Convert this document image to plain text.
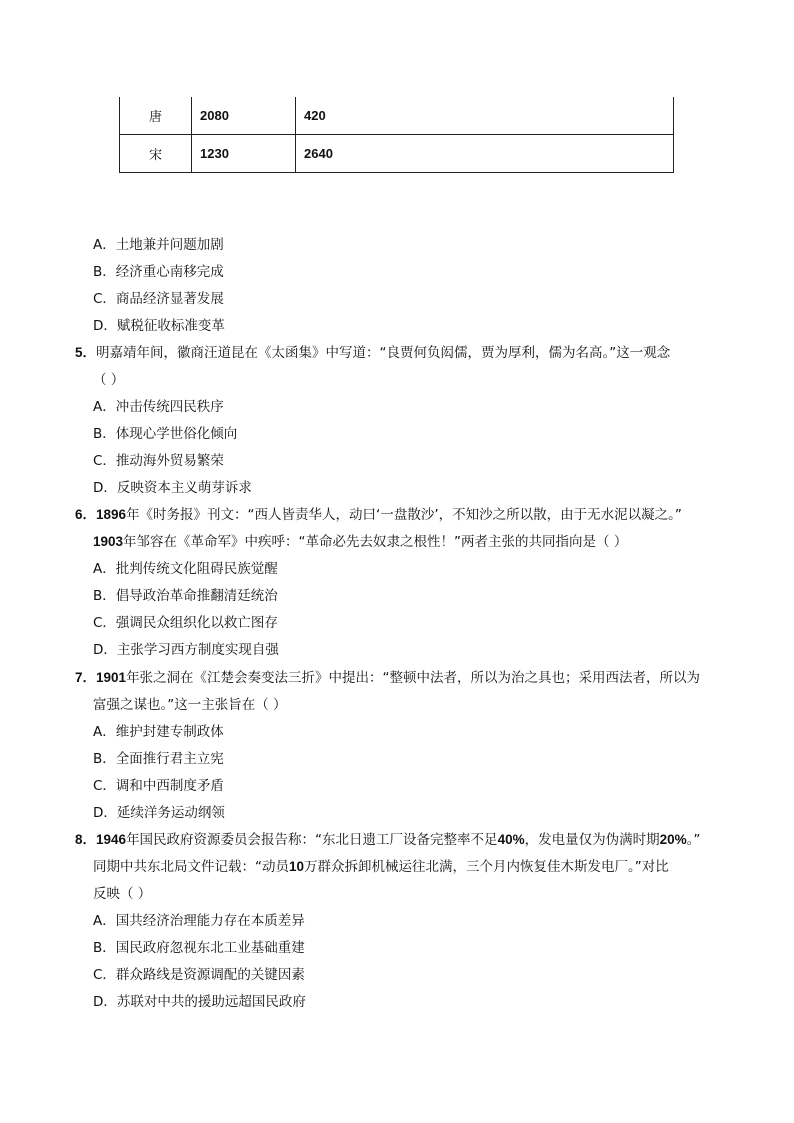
唐	2080	420
宋	1230	2640
A．土地兼并问题加剧
B．经济重心南移完成
C．商品经济显著发展
D．赋税征收标准变革
5．明嘉靖年间，徽商汪道昆在《太函集》中写道：“良贾何负闳儒，贾为厚利，儒为名高。”这一观念
（ ）
A．冲击传统四民秩序
B．体现心学世俗化倾向
C．推动海外贸易繁荣
D．反映资本主义萌芽诉求
6．1896年《时务报》刊文：“西人皆责华人，动曰‘一盘散沙’，不知沙之所以散，由于无水泥以凝之。”
1903年邹容在《革命军》中疾呼：“革命必先去奴隶之根性！”两者主张的共同指向是（ ）
A．批判传统文化阻碍民族觉醒
B．倡导政治革命推翻清廷统治
C．强调民众组织化以救亡图存
D．主张学习西方制度实现自强
7．1901年张之洞在《江楚会奏变法三折》中提出：“整顿中法者，所以为治之具也；采用西法者，所以为
富强之谋也。”这一主张旨在（ ）
A．维护封建专制政体
B．全面推行君主立宪
C．调和中西制度矛盾
D．延续洋务运动纲领
8．1946年国民政府资源委员会报告称：“东北日遗工厂设备完整率不足40%，发电量仅为伪满时期20%。”
同期中共东北局文件记载：“动员10万群众拆卸机械运往北满，三个月内恢复佳木斯发电厂。”对比
反映（ ）
A．国共经济治理能力存在本质差异
B．国民政府忽视东北工业基础重建
C．群众路线是资源调配的关键因素
D．苏联对中共的援助远超国民政府
